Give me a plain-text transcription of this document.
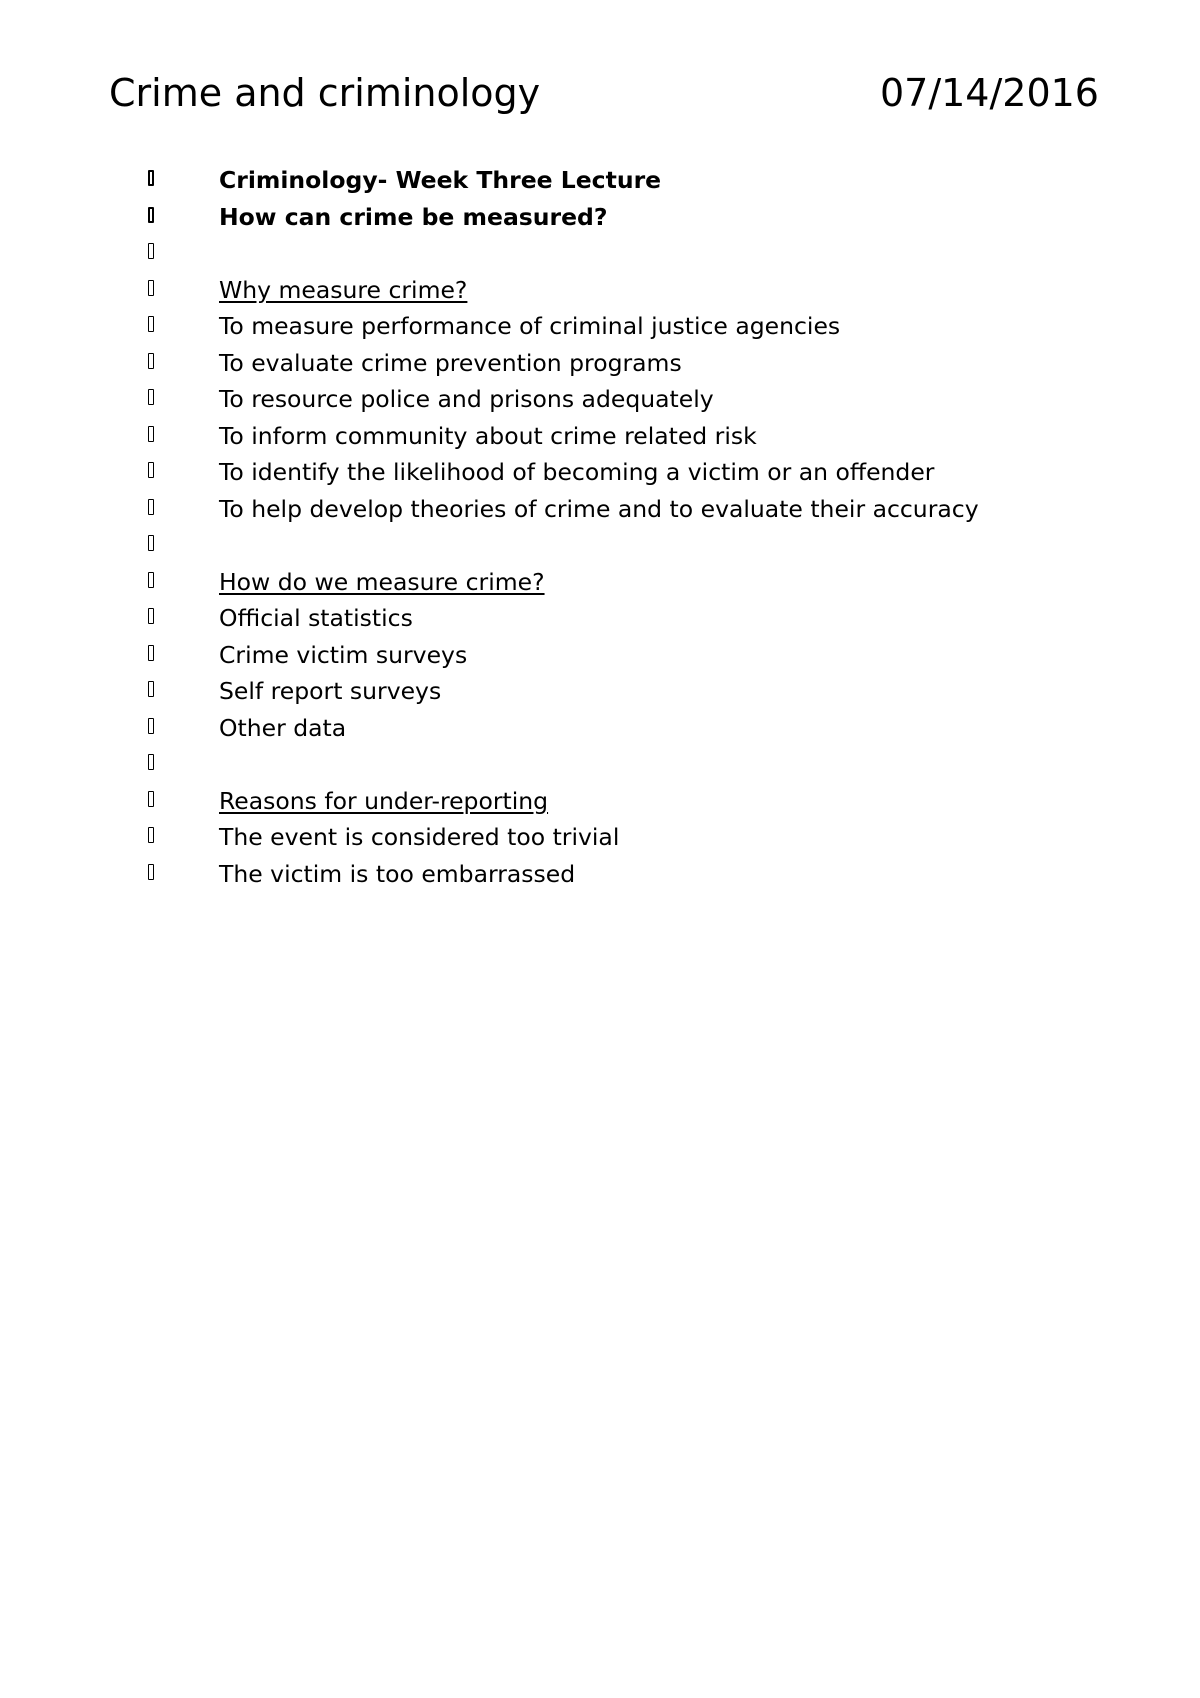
Crime and criminology	07/14/2016
Criminology- Week Three Lecture
How can crime be measured?
Why measure crime?
To measure performance of criminal justice agencies
To evaluate crime prevention programs
To resource police and prisons adequately
To inform community about crime related risk
To identify the likelihood of becoming a victim or an offender
To help develop theories of crime and to evaluate their accuracy
How do we measure crime?
Official statistics
Crime victim surveys
Self report surveys
Other data
Reasons for under-reporting
The event is considered too trivial
The victim is too embarrassed
